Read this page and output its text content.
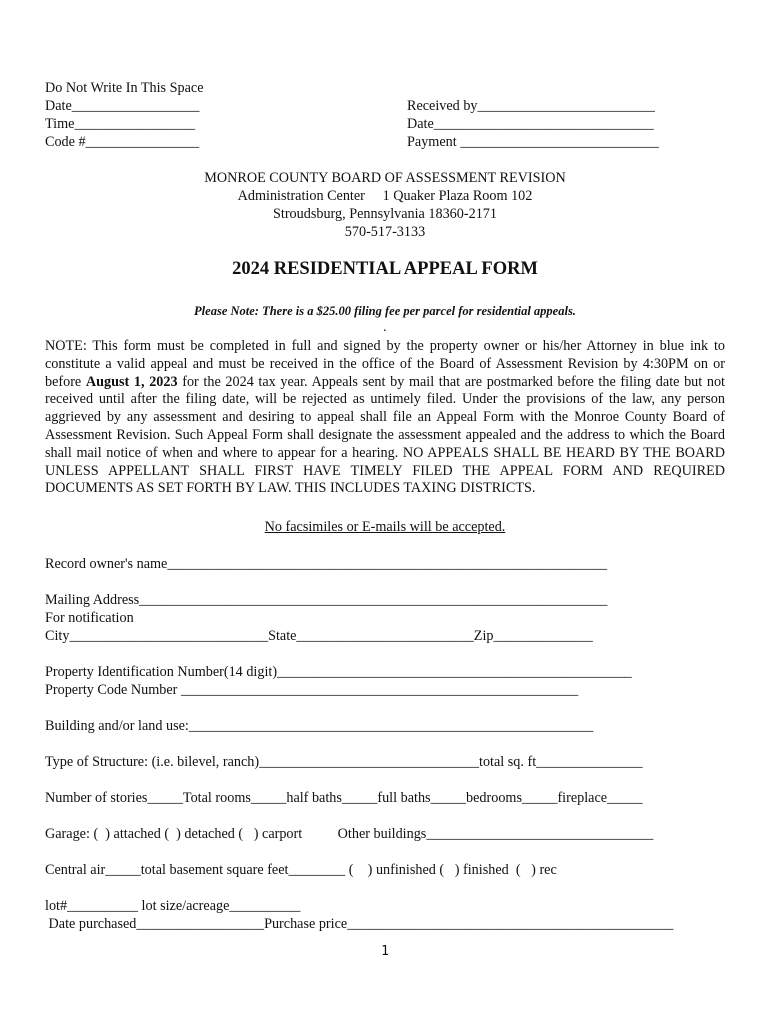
Do Not Write In This Space
Date__________________
Time_________________
Code #________________
Received by_________________________
Date_______________________________
Payment ____________________________
MONROE COUNTY BOARD OF ASSESSMENT REVISION
Administration Center     1 Quaker Plaza Room 102
Stroudsburg, Pennsylvania 18360-2171
570-517-3133
2024 RESIDENTIAL APPEAL FORM
Please Note: There is a $25.00 filing fee per parcel for residential appeals.
.

NOTE: This form must be completed in full and signed by the property owner or his/her Attorney in blue ink to constitute a valid appeal and must be received in the office of the Board of Assessment Revision by 4:30PM on or before August 1, 2023 for the 2024 tax year. Appeals sent by mail that are postmarked before the filing date but not received until after the filing date, will be rejected as untimely filed. Under the provisions of the law, any person aggrieved by any assessment and desiring to appeal shall file an Appeal Form with the Monroe County Board of Assessment Revision. Such Appeal Form shall designate the assessment appealed and the address to which the Board shall mail notice of when and where to appear for a hearing. NO APPEALS SHALL BE HEARD BY THE BOARD UNLESS APPELLANT SHALL FIRST HAVE TIMELY FILED THE APPEAL FORM AND REQUIRED DOCUMENTS AS SET FORTH BY LAW. THIS INCLUDES TAXING DISTRICTS.

No facsimiles or E-mails will be accepted.
Record owner's name______________________________________________________________
Mailing Address__________________________________________________________________
For notification
City____________________________State_________________________Zip______________
Property Identification Number(14 digit)__________________________________________________
Property Code Number ________________________________________________________
Building and/or land use:_________________________________________________________
Type of Structure: (i.e. bilevel, ranch)_______________________________total sq. ft_______________
Number of stories_____Total rooms_____half baths_____full baths_____bedrooms_____fireplace_____
Garage: (  ) attached (  ) detached (   ) carport          Other buildings________________________________
Central air_____total basement square feet________ (    ) unfinished (   ) finished  (   ) rec
lot#__________ lot size/acreage__________
Date purchased__________________Purchase price______________________________________________
1
